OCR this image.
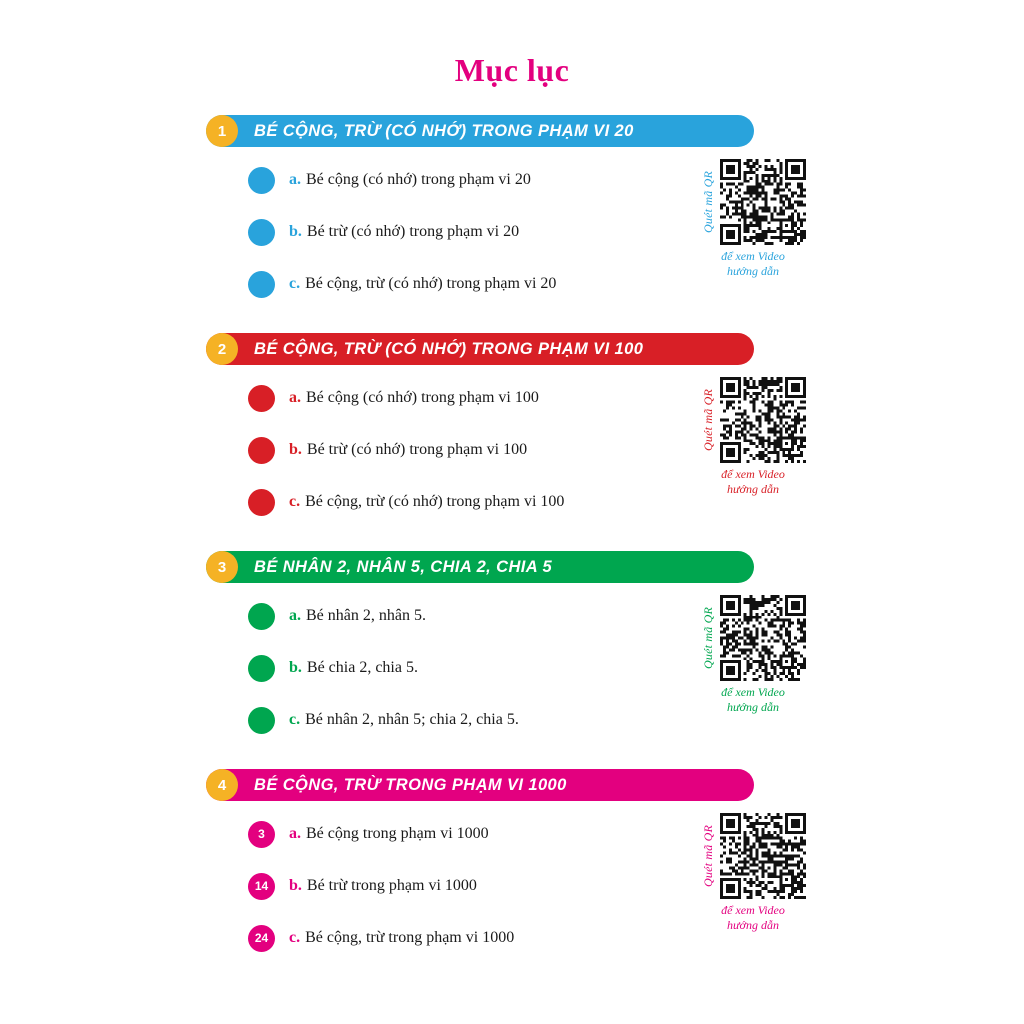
Mục lục
1	BÉ CỘNG, TRỪ (CÓ NHỚ) TRONG PHẠM VI 20
a. Bé cộng (có nhớ) trong phạm vi 20
b. Bé trừ (có nhớ) trong phạm vi 20
c. Bé cộng, trừ (có nhớ) trong phạm vi 20
Quét mã QR
để xem Video
hướng dẫn
2	BÉ CỘNG, TRỪ (CÓ NHỚ) TRONG PHẠM VI 100
a. Bé cộng (có nhớ) trong phạm vi 100
b. Bé trừ (có nhớ) trong phạm vi 100
c. Bé cộng, trừ (có nhớ) trong phạm vi 100
Quét mã QR
để xem Video
hướng dẫn
3	BÉ NHÂN 2, NHÂN 5, CHIA 2, CHIA 5
a. Bé nhân 2, nhân 5.
b. Bé chia 2, chia 5.
c. Bé nhân 2, nhân 5; chia 2, chia 5.
Quét mã QR
để xem Video
hướng dẫn
4	BÉ CỘNG, TRỪ TRONG PHẠM VI 1000
3	a. Bé cộng trong phạm vi 1000
14	b. Bé trừ trong phạm vi 1000
24	c. Bé cộng, trừ trong phạm vi 1000
Quét mã QR
để xem Video
hướng dẫn
